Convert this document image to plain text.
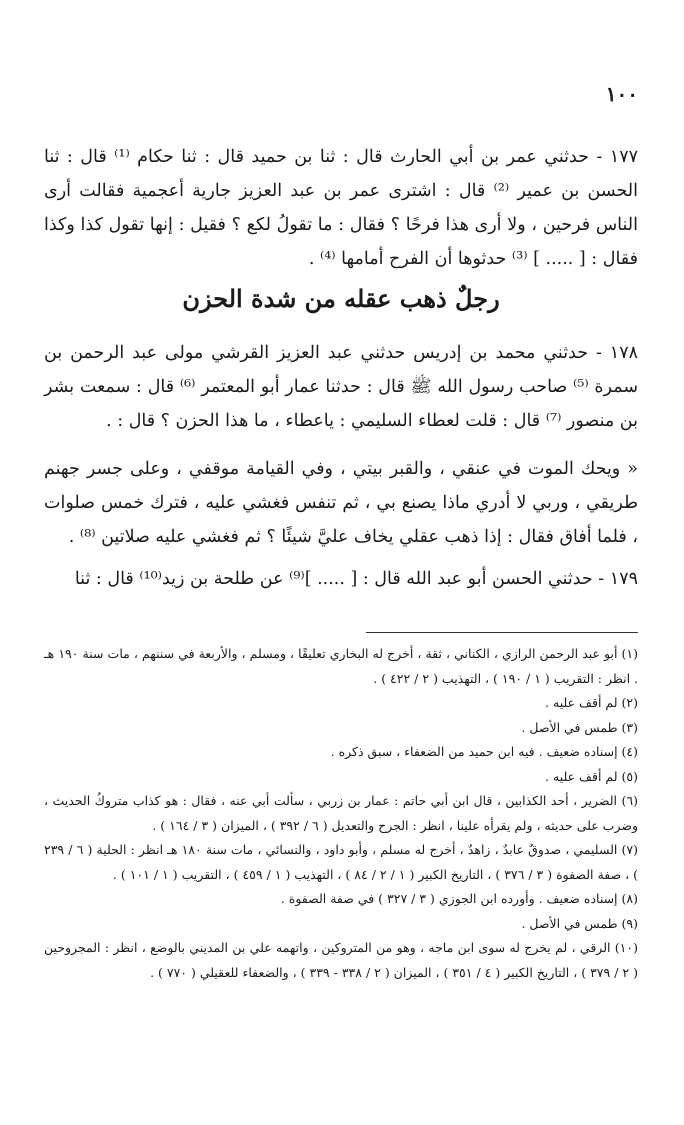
١٠٠

١٧٧ - حدثني عمر بن أبي الحارث قال : ثنا بن حميد قال : ثنا حكام ⁽¹⁾ قال : ثنا الحسن بن عمير ⁽²⁾ قال : اشترى عمر بن عبد العزيز جارية أعجمية فقالت أرى الناس فرحين ، ولا أرى هذا فرحًا ؟ فقال : ما تقولُ لكع ؟ فقيل : إنها تقول كذا وكذا فقال : [ ..... ] ⁽³⁾ حدثوها أن الفرح أمامها ⁽⁴⁾ .

رجلٌ ذهب عقله من شدة الحزن

١٧٨ - حدثني محمد بن إدريس حدثني عبد العزيز القرشي مولى عبد الرحمن بن سمرة ⁽⁵⁾ صاحب رسول الله ﷺ قال : حدثنا عمار أبو المعتمر ⁽⁶⁾ قال : سمعت بشر بن منصور ⁽⁷⁾ قال : قلت لعطاء السليمي : ياعطاء ، ما هذا الحزن ؟ قال : .

« ويحك الموت في عنقي ، والقبر بيتي ، وفي القيامة موقفي ، وعلى جسر جهنم طريقي ، وربي لا أدري ماذا يصنع بي ، ثم تنفس فغشي عليه ، فترك خمس صلوات ، فلما أفاق فقال : إذا ذهب عقلي يخاف عليَّ شيئًا ؟ ثم فغشي عليه صلاتين ⁽⁸⁾ .

١٧٩ - حدثني الحسن أبو عبد الله قال : [ ..... ]⁽⁹⁾ عن طلحة بن زيد⁽¹⁰⁾ قال : ثنا

(١) أبو عبد الرحمن الرازي ، الكناني ، ثقة ، أخرج له البخاري تعليقًا ، ومسلم ، والأربعة في سننهم ، مات سنة ١٩٠ هـ . انظر : التقريب ( ١ / ١٩٠ ) ، التهذيب ( ٢ / ٤٢٢ ) .

(٢) لم أقف عليه .

(٣) طمس في الأصل .

(٤) إسناده ضعيف . فيه ابن حميد من الضعفاء ، سبق ذكره .

(٥) لم أقف عليه .

(٦) الضرير ، أحد الكذابين ، قال ابن أبي حاتم : عمار بن زربي ، سألت أبي عنه ، فقال : هو كذاب متروكُ الحديث ، وضرب على حديثه ، ولم يقرأه علينا ، انظر : الجرح والتعديل ( ٦ / ٣٩٢ ) ، الميزان ( ٣ / ١٦٤ ) .

(٧) السليمي ، صدوقٌ عابدٌ ، زاهدٌ ، أخرج له مسلم ، وأبو داود ، والنسائي ، مات سنة ١٨٠ هـ انظر : الحلية ( ٦ / ٢٣٩ ) ، صفة الصفوة ( ٣ / ٣٧٦ ) ، التاريخ الكبير ( ١ / ٢ / ٨٤ ) ، التهذيب ( ١ / ٤٥٩ ) ، التقريب ( ١ / ١٠١ ) .

(٨) إسناده ضعيف . وأورده ابن الجوزي ( ٣ / ٣٢٧ ) في صفة الصفوة .

(٩) طمس في الأصل .

(١٠) الرقي ، لم يخرج له سوى ابن ماجه ، وهو من المتروكين ، واتهمه علي بن المديني بالوضع ، انظر : المجروحين ( ٢ / ٣٧٩ ) ، التاريخ الكبير ( ٤ / ٣٥١ ) ، الميزان ( ٢ / ٣٣٨ - ٣٣٩ ) ، والضعفاء للعقيلي ( ٧٧٠ ) .
